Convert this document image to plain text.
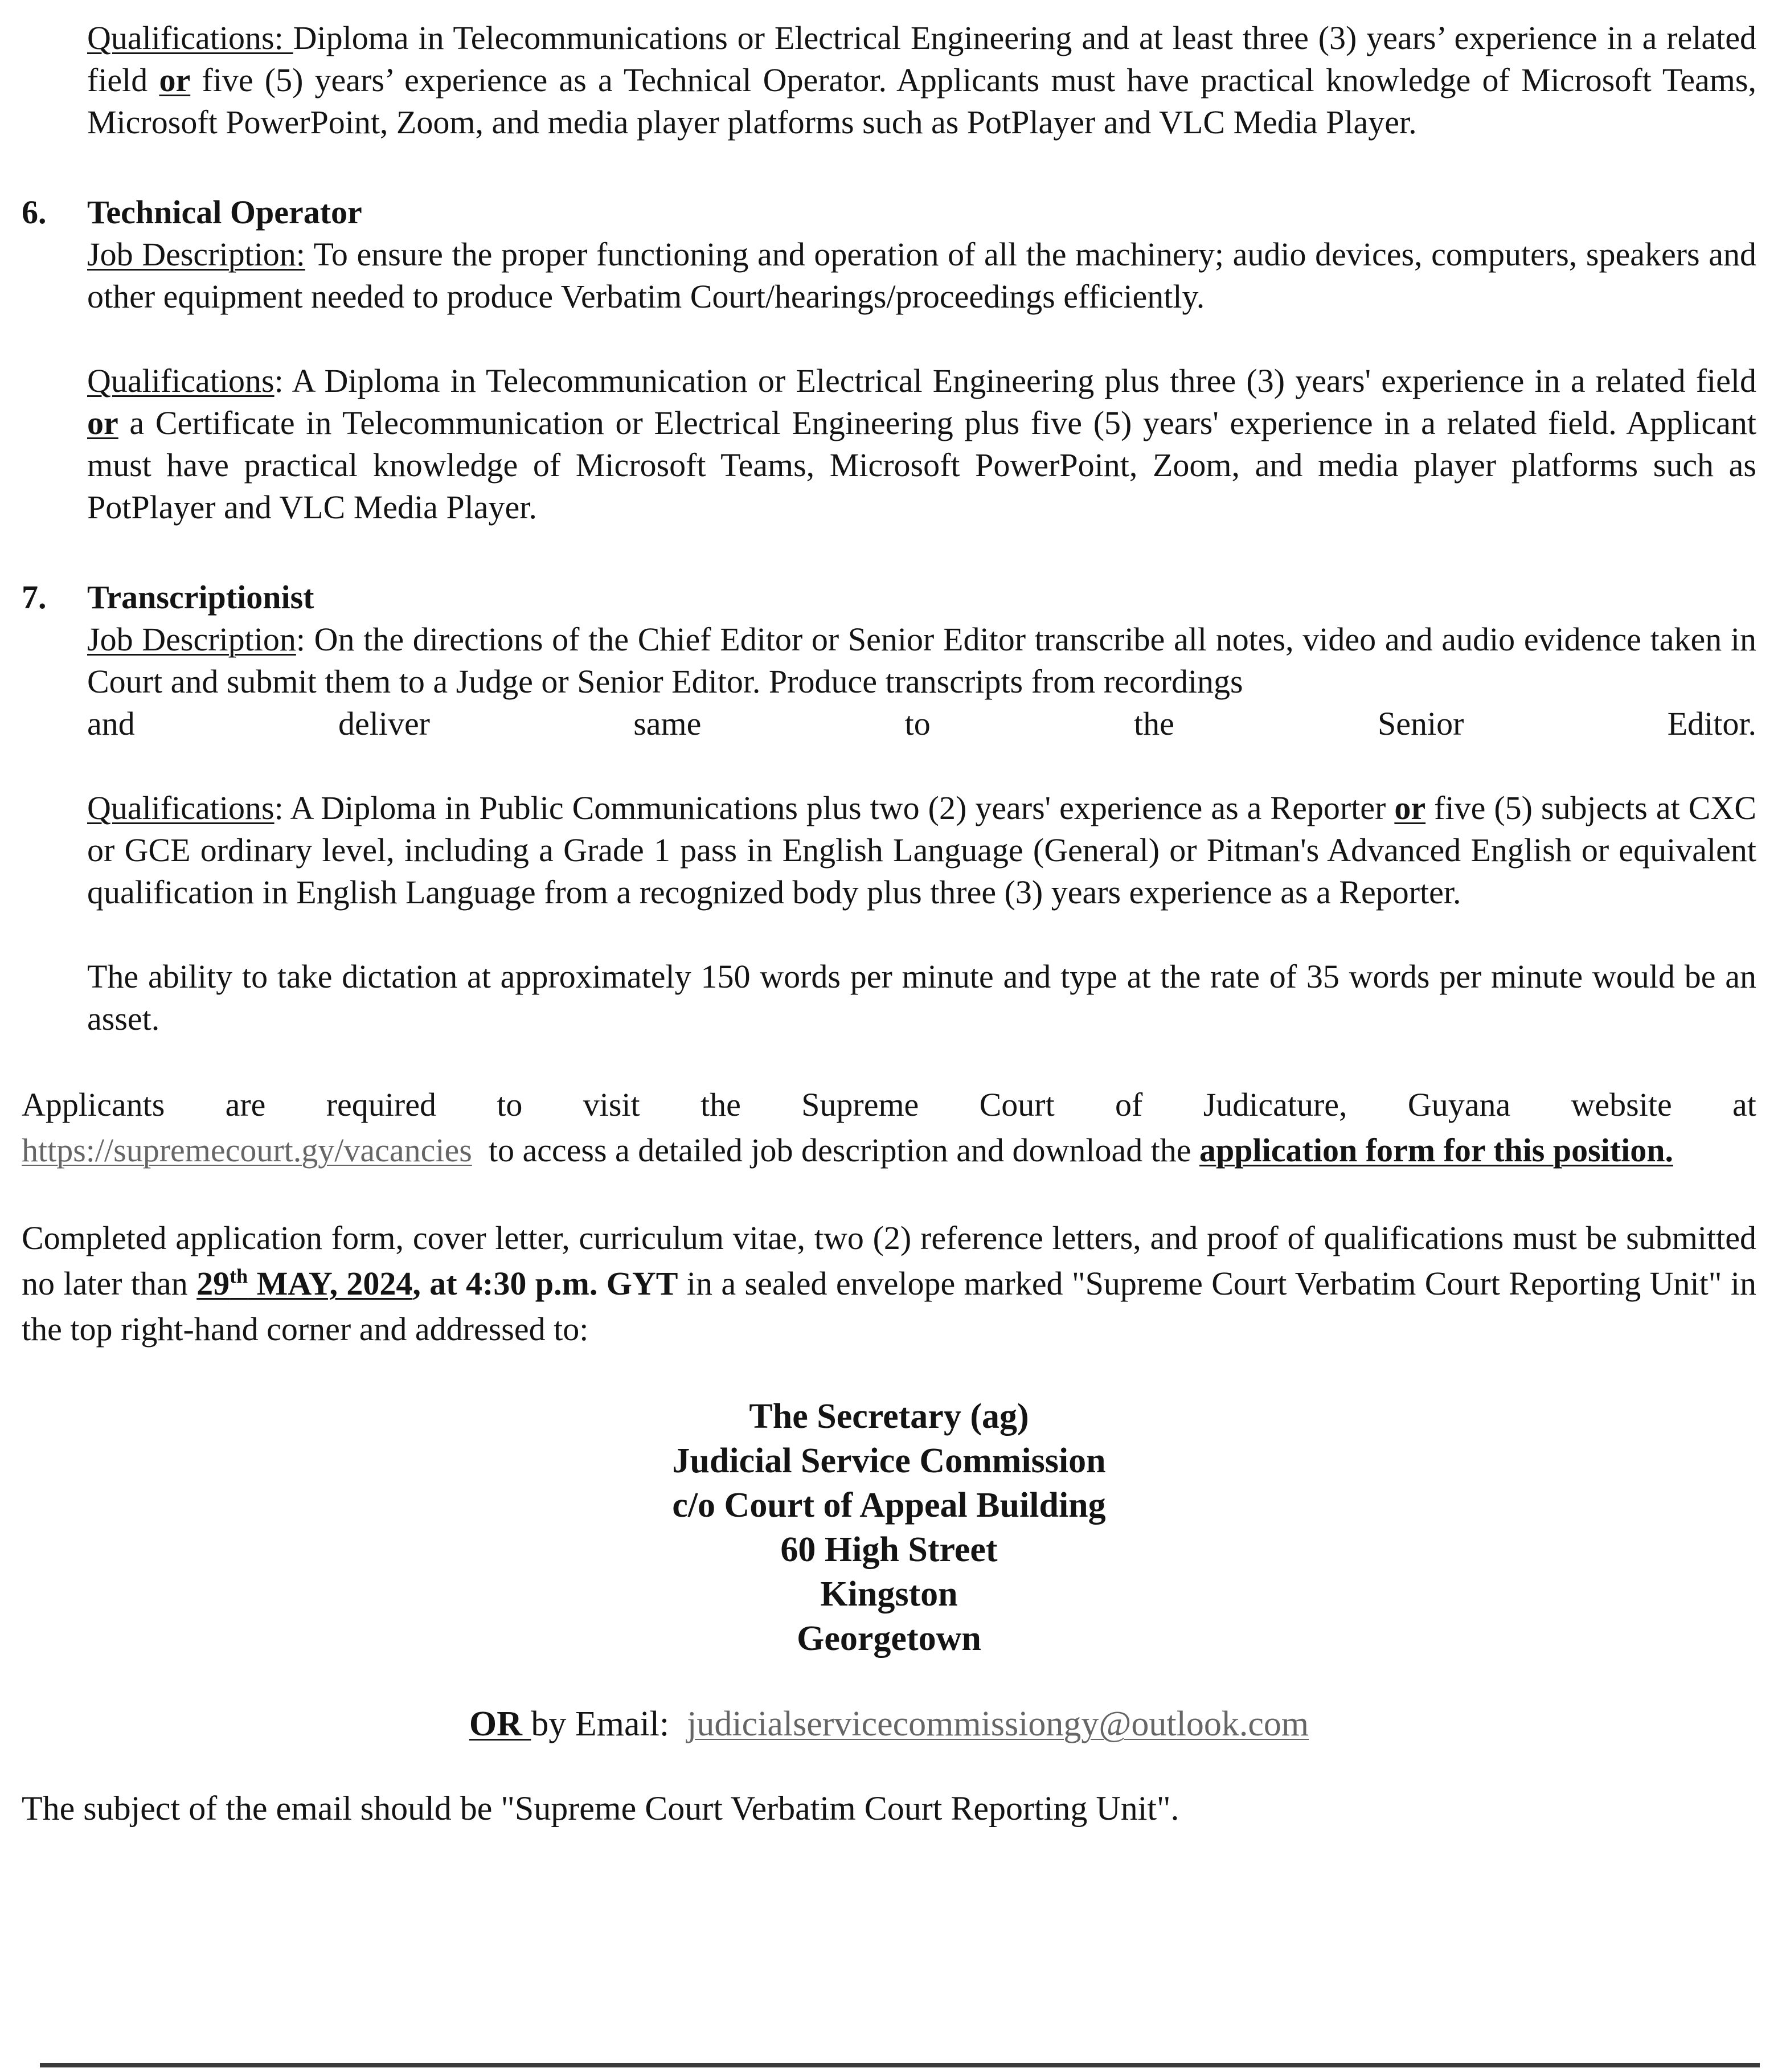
Qualifications: Diploma in Telecommunications or Electrical Engineering and at least three (3) years’ experience in a related field or five (5) years’ experience as a Technical Operator. Applicants must have practical knowledge of Microsoft Teams, Microsoft PowerPoint, Zoom, and media player platforms such as PotPlayer and VLC Media Player.

6.	Technical Operator

Job Description: To ensure the proper functioning and operation of all the machinery; audio devices, computers, speakers and other equipment needed to produce Verbatim Court/hearings/proceedings efficiently.

Qualifications: A Diploma in Telecommunication or Electrical Engineering plus three (3) years' experience in a related field or a Certificate in Telecommunication or Electrical Engineering plus five (5) years' experience in a related field. Applicant must have practical knowledge of Microsoft Teams, Microsoft PowerPoint, Zoom, and media player platforms such as PotPlayer and VLC Media Player.

7.	Transcriptionist

Job Description: On the directions of the Chief Editor or Senior Editor transcribe all notes, video and audio evidence taken in Court and submit them to a Judge or Senior Editor. Produce transcripts from recordings

and	deliver	same	to	the	Senior	Editor.

Qualifications: A Diploma in Public Communications plus two (2) years' experience as a Reporter or five (5) subjects at CXC or GCE ordinary level, including a Grade 1 pass in English Language (General) or Pitman's Advanced English or equivalent qualification in English Language from a recognized body plus three (3) years experience as a Reporter.

The ability to take dictation at approximately 150 words per minute and type at the rate of 35 words per minute would be an asset.

Applicants are required to visit the Supreme Court of Judicature, Guyana website at

https://supremecourt.gy/vacancies  to access a detailed job description and download the application form for this position.

Completed application form, cover letter, curriculum vitae, two (2) reference letters, and proof of qualifications must be submitted no later than 29th MAY, 2024, at 4:30 p.m. GYT in a sealed envelope marked "Supreme Court Verbatim Court Reporting Unit" in the top right-hand corner and addressed to:

The Secretary (ag)
Judicial Service Commission
c/o Court of Appeal Building
60 High Street
Kingston
Georgetown
OR by Email:  judicialservicecommissiongy@outlook.com

The subject of the email should be "Supreme Court Verbatim Court Reporting Unit".
